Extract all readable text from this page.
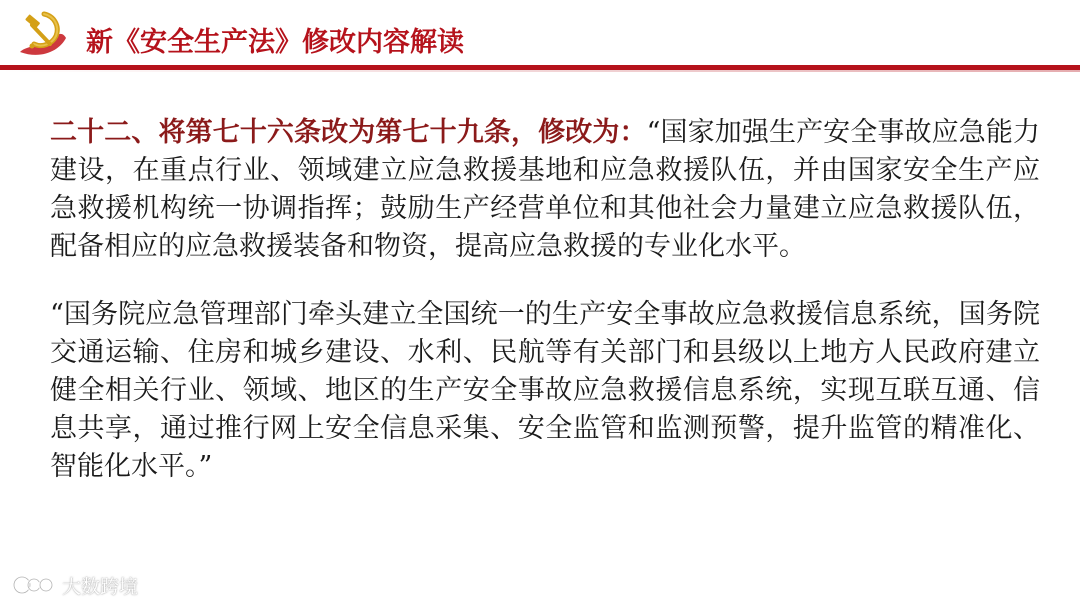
新《安全生产法》修改内容解读

二十二、将第七十六条改为第七十九条，修改为：“国家加强生产安全事故应急能力建设，在重点行业、领域建立应急救援基地和应急救援队伍，并由国家安全生产应急救援机构统一协调指挥；鼓励生产经营单位和其他社会力量建立应急救援队伍，配备相应的应急救援装备和物资，提高应急救援的专业化水平。

“国务院应急管理部门牵头建立全国统一的生产安全事故应急救援信息系统，国务院交通运输、住房和城乡建设、水利、民航等有关部门和县级以上地方人民政府建立健全相关行业、领域、地区的生产安全事故应急救援信息系统，实现互联互通、信息共享，通过推行网上安全信息采集、安全监管和监测预警，提升监管的精准化、智能化水平。”

大数跨境
